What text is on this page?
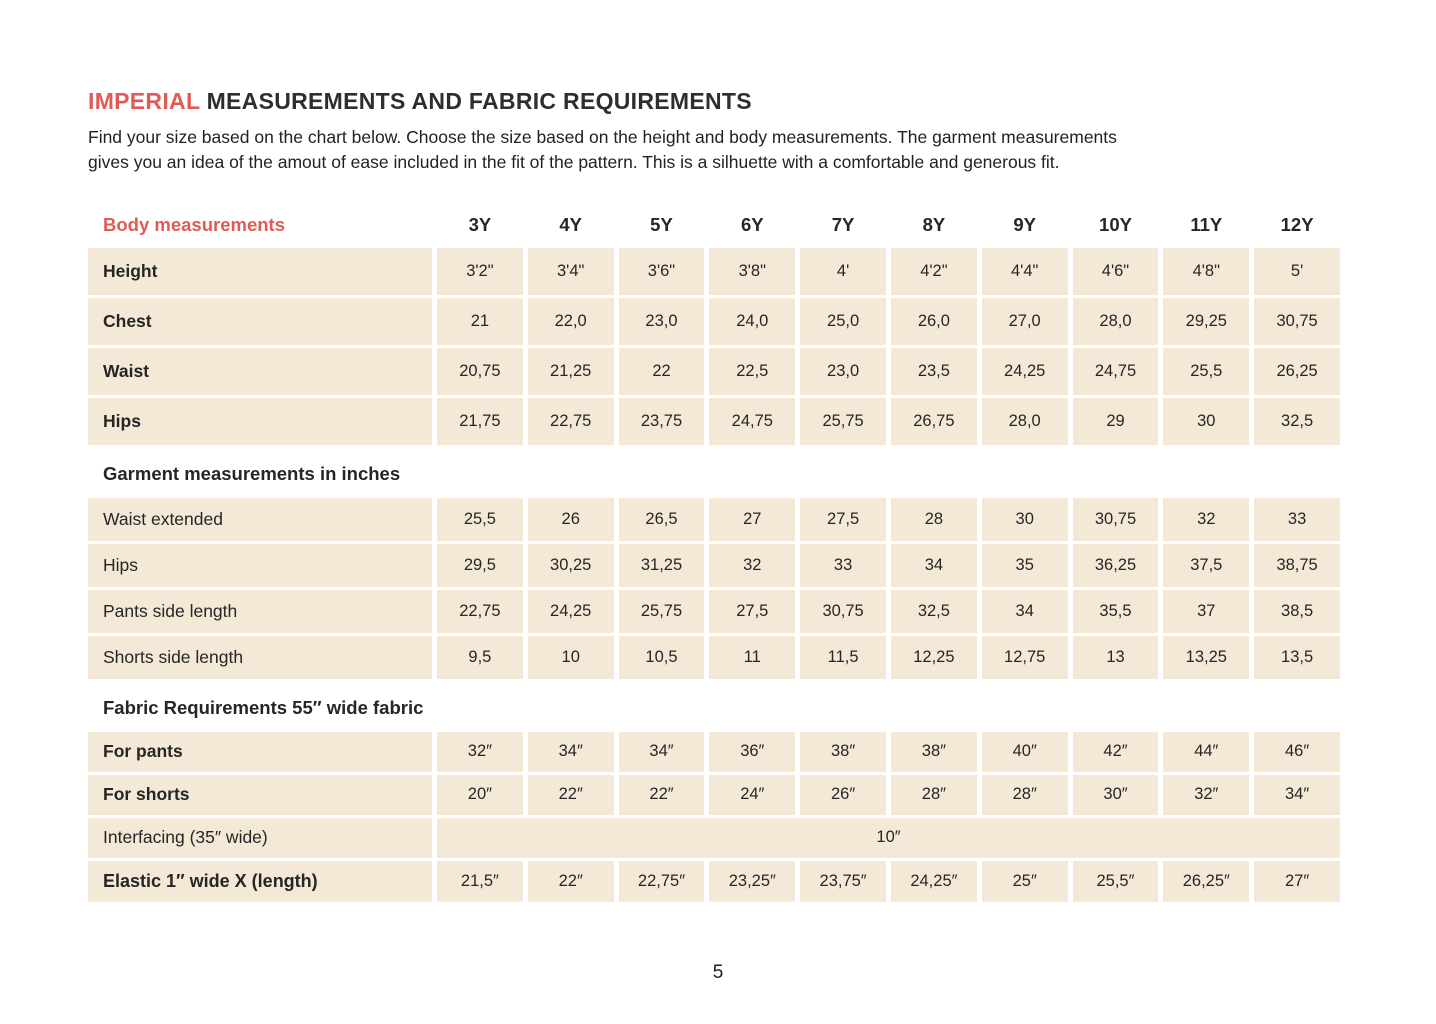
IMPERIAL MEASUREMENTS AND FABRIC REQUIREMENTS

Find your size based on the chart below. Choose the size based on the height and body measurements. The garment measurements
gives you an idea of the amout of ease included in the fit of the pattern. This is a silhuette with a comfortable and generous fit.

Body measurements	3Y	4Y	5Y	6Y	7Y	8Y	9Y	10Y	11Y	12Y
Height	3'2"	3'4"	3'6"	3'8"	4'	4'2"	4'4"	4'6"	4'8"	5'
Chest	21	22,0	23,0	24,0	25,0	26,0	27,0	28,0	29,25	30,75
Waist	20,75	21,25	22	22,5	23,0	23,5	24,25	24,75	25,5	26,25
Hips	21,75	22,75	23,75	24,75	25,75	26,75	28,0	29	30	32,5
Garment measurements in inches
Waist extended	25,5	26	26,5	27	27,5	28	30	30,75	32	33
Hips	29,5	30,25	31,25	32	33	34	35	36,25	37,5	38,75
Pants side length	22,75	24,25	25,75	27,5	30,75	32,5	34	35,5	37	38,5
Shorts side length	9,5	10	10,5	11	11,5	12,25	12,75	13	13,25	13,5
Fabric Requirements 55″ wide fabric
For pants	32″	34″	34″	36″	38″	38″	40″	42″	44″	46″
For shorts	20″	22″	22″	24″	26″	28″	28″	30″	32″	34″
Interfacing (35″ wide)	10″
Elastic 1″ wide X (length)	21,5″	22″	22,75″	23,25″	23,75″	24,25″	25″	25,5″	26,25″	27″
5
